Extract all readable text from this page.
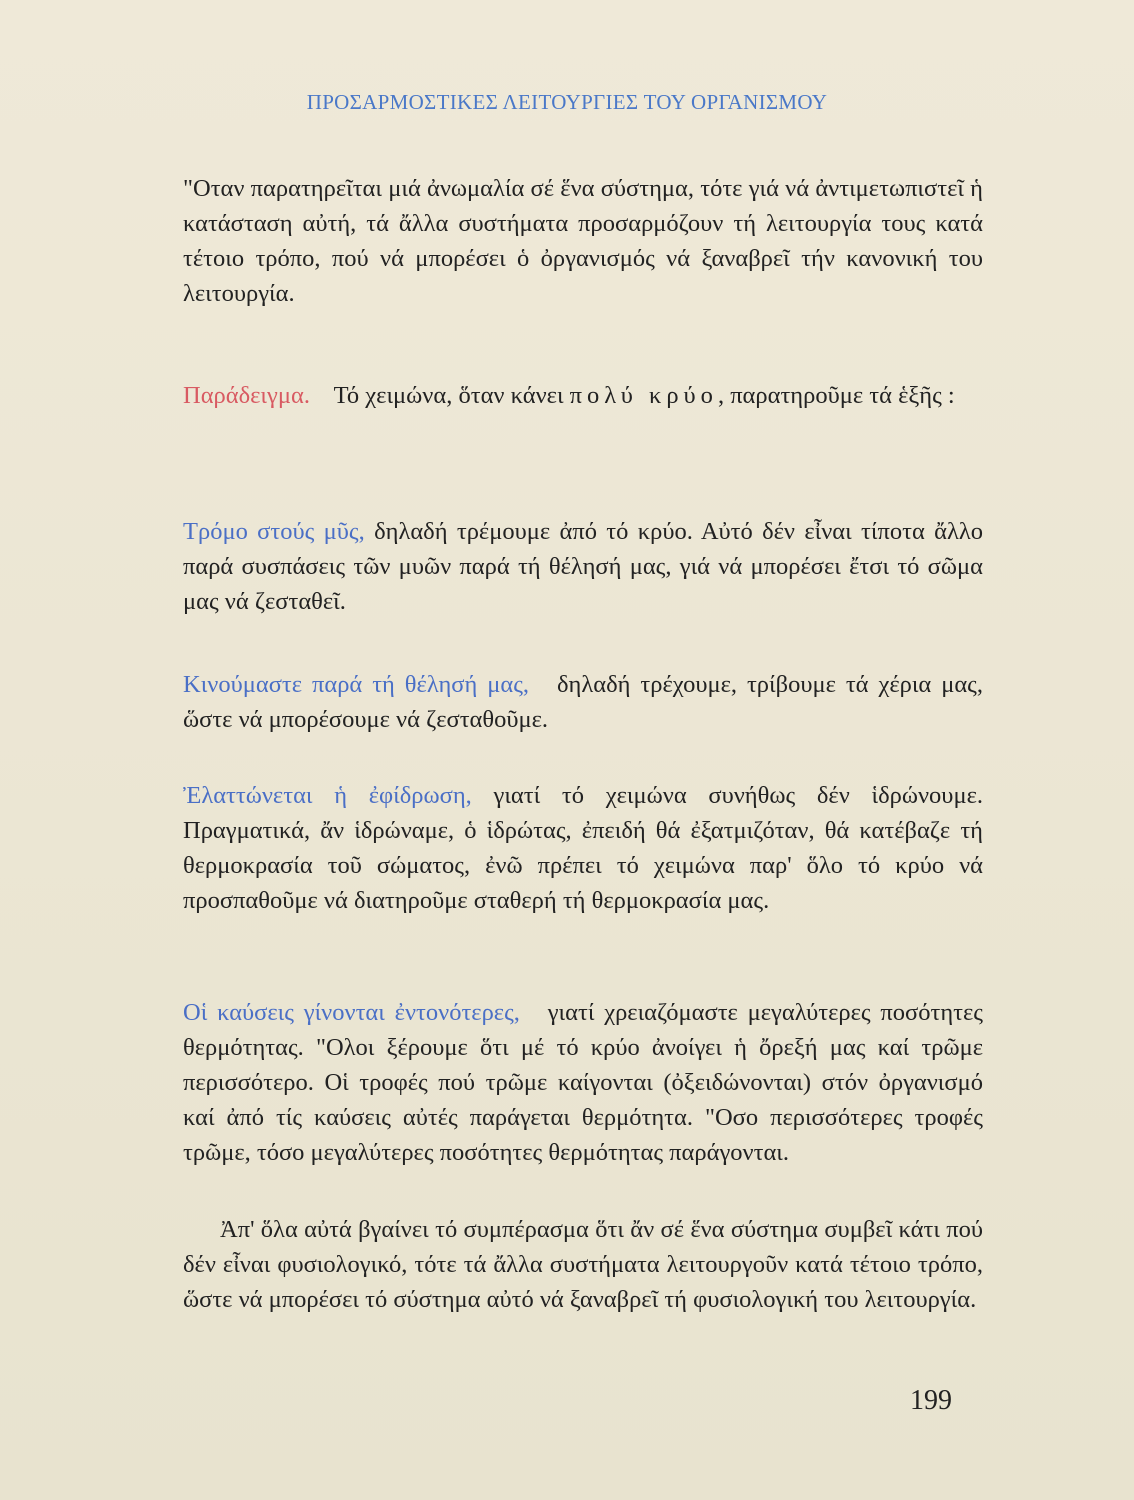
ΠΡΟΣΑΡΜΟΣΤΙΚΕΣ ΛΕΙΤΟΥΡΓΙΕΣ ΤΟΥ ΟΡΓΑΝΙΣΜΟΥ
"Οταν παρατηρεῖται μιά ἀνωμαλία σέ ἕνα σύστημα, τότε γιά νά ἀντιμετωπιστεῖ ἡ κατάσταση αὐτή, τά ἄλλα συστήματα προσαρμόζουν τή λειτουργία τους κατά τέτοιο τρόπο, πού νά μπορέσει ὁ ὀργανισμός νά ξαναβρεῖ τήν κανονική του λειτουργία.
Παράδειγμα. Τό χειμώνα, ὅταν κάνει πολύ κρύο, παρατηροῦμε τά ἑξῆς :
Τρόμο στούς μῦς, δηλαδή τρέμουμε ἀπό τό κρύο. Αὐτό δέν εἶναι τίποτα ἄλλο παρά συσπάσεις τῶν μυῶν παρά τή θέλησή μας, γιά νά μπορέσει ἔτσι τό σῶμα μας νά ζεσταθεῖ.
Κινούμαστε παρά τή θέλησή μας, δηλαδή τρέχουμε, τρίβουμε τά χέρια μας, ὥστε νά μπορέσουμε νά ζεσταθοῦμε.
Ἐλαττώνεται ἡ ἐφίδρωση, γιατί τό χειμώνα συνήθως δέν ἱδρώνουμε. Πραγματικά, ἄν ἱδρώναμε, ὁ ἱδρώτας, ἐπειδή θά ἐξατμιζόταν, θά κατέβαζε τή θερμοκρασία τοῦ σώματος, ἐνῶ πρέπει τό χειμώνα παρ' ὅλο τό κρύο νά προσπαθοῦμε νά διατηροῦμε σταθερή τή θερμοκρασία μας.
Οἱ καύσεις γίνονται ἐντονότερες, γιατί χρειαζόμαστε μεγαλύτερες ποσότητες θερμότητας. "Ολοι ξέρουμε ὅτι μέ τό κρύο ἀνοίγει ἡ ὄρεξή μας καί τρῶμε περισσότερο. Οἱ τροφές πού τρῶμε καίγονται (ὀξειδώνονται) στόν ὀργανισμό καί ἀπό τίς καύσεις αὐτές παράγεται θερμότητα. "Οσο περισσότερες τροφές τρῶμε, τόσο μεγαλύτερες ποσότητες θερμότητας παράγονται.
Ἀπ' ὅλα αὐτά βγαίνει τό συμπέρασμα ὅτι ἄν σέ ἕνα σύστημα συμβεῖ κάτι πού δέν εἶναι φυσιολογικό, τότε τά ἄλλα συστήματα λειτουργοῦν κατά τέτοιο τρόπο, ὥστε νά μπορέσει τό σύστημα αὐτό νά ξαναβρεῖ τή φυσιολογική του λειτουργία.
199
